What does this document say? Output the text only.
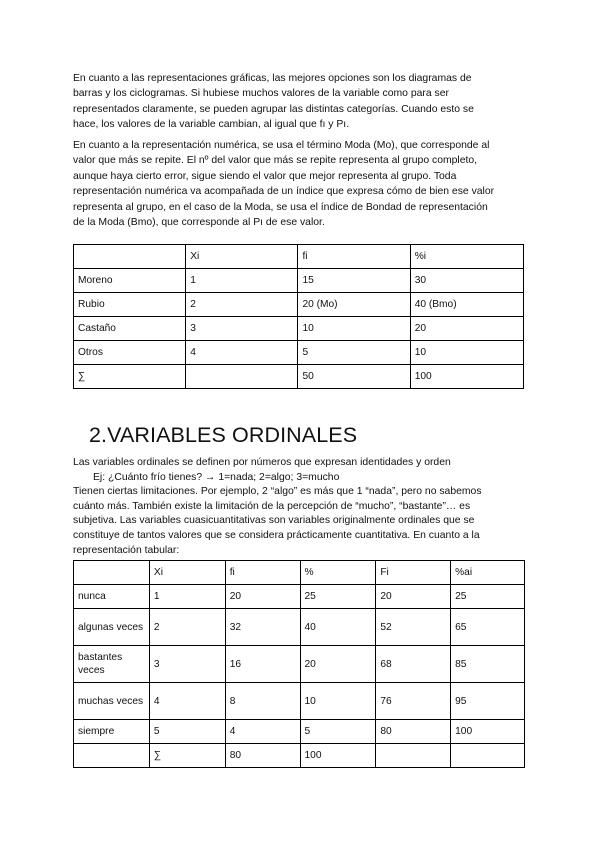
En cuanto a las representaciones gráficas, las mejores opciones son los diagramas de
barras y los ciclogramas. Si hubiese muchos valores de la variable como para ser
representados claramente, se pueden agrupar las distintas categorías. Cuando esto se
hace, los valores de la variable cambian, al igual que fı y Pı.

En cuanto a la representación numérica, se usa el término Moda (Mo), que corresponde al
valor que más se repite. El nº del valor que más se repite representa al grupo completo,
aunque haya cierto error, sigue siendo el valor que mejor representa al grupo. Toda
representación numérica va acompañada de un índice que expresa cómo de bien ese valor
representa al grupo, en el caso de la Moda, se usa el índice de Bondad de representación
de la Moda (Bmo), que corresponde al Pı de ese valor.

	Xi	fi	%i
Moreno	1	15	30
Rubio	2	20 (Mo)	40 (Bmo)
Castaño	3	10	20
Otros	4	5	10
∑		50	100
2.VARIABLES ORDINALES

Las variables ordinales se definen por números que expresan identidades y orden
Ej: ¿Cuánto frío tienes? → 1=nada; 2=algo; 3=mucho
Tienen ciertas limitaciones. Por ejemplo, 2 “algo” es más que 1 “nada”, pero no sabemos
cuánto más. También existe la limitación de la percepción de “mucho”, “bastante”… es
subjetiva. Las variables cuasicuantitativas son variables originalmente ordinales que se
constituye de tantos valores que se considera prácticamente cuantitativa. En cuanto a la
representación tabular:

	Xi	fi	%	Fi	%ai
nunca	1	20	25	20	25
algunas veces	2	32	40	52	65
bastantes veces	3	16	20	68	85
muchas veces	4	8	10	76	95
siempre	5	4	5	80	100
	∑	80	100		
